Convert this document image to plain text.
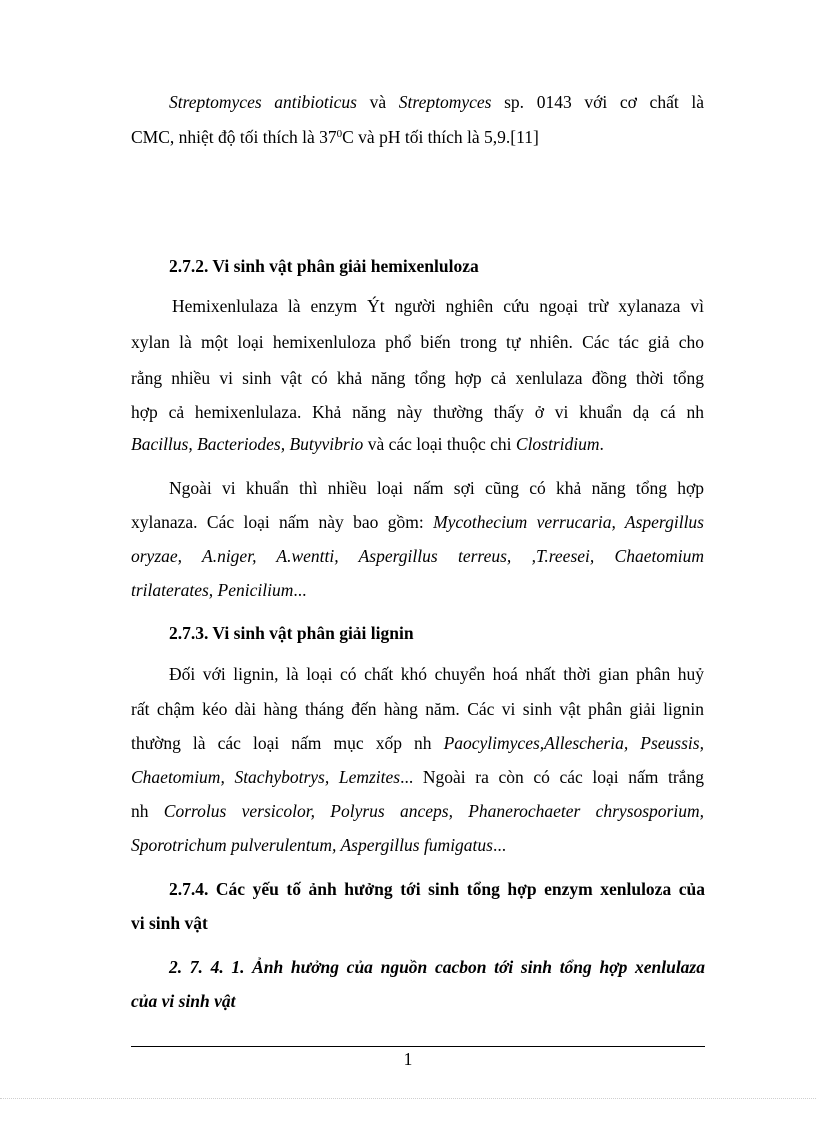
Streptomyces antibioticus và Streptomyces sp. 0143 với cơ chất là
CMC, nhiệt độ tối thích là $37^0C$ và pH tối thích là 5,9.[11]
2.7.2. Vi sinh vật phân giải hemixenluloza
Hemixenlulaza là enzym Ýt người nghiên cứu ngoại trừ xylanaza vì
xylan là một loại hemixenluloza phổ biến trong tự nhiên. Các tác giả cho
rằng nhiều vi sinh vật có khả năng tổng hợp cả xenlulaza đồng thời tổng
hợp cả hemixenlulaza. Khả năng này thường thấy ở vi khuẩn dạ cá nh
Bacillus, Bacteriodes, Butyvibrio và các loại thuộc chi Clostridium.
Ngoài vi khuẩn thì nhiều loại nấm sợi cũng có khả năng tổng hợp
xylanaza. Các loại nấm này bao gồm: Mycothecium verrucaria, Aspergillus
oryzae, A.niger, A.wentti, Aspergillus terreus, ,T.reesei, Chaetomium
trilaterates, Penicilium...
2.7.3. Vi sinh vật phân giải lignin
Đối với lignin, là loại có chất khó chuyển hoá nhất thời gian phân huỷ
rất chậm kéo dài hàng tháng đến hàng năm. Các vi sinh vật phân giải lignin
thường là các loại nấm mục xốp nh Paocylimyces,Allescheria, Pseussis,
Chaetomium, Stachybotrys, Lemzites... Ngoài ra còn có các loại nấm trắng
nh Corrolus versicolor, Polyrus anceps, Phanerochaeter chrysosporium,
Sporotrichum pulverulentum, Aspergillus fumigatus...
2.7.4. Các yếu tố ảnh hưởng tới sinh tổng hợp enzym xenluloza của
vi sinh vật
2. 7. 4. 1. Ảnh hưởng của nguồn cacbon tới sinh tổng hợp xenlulaza
của vi sinh vật
1
